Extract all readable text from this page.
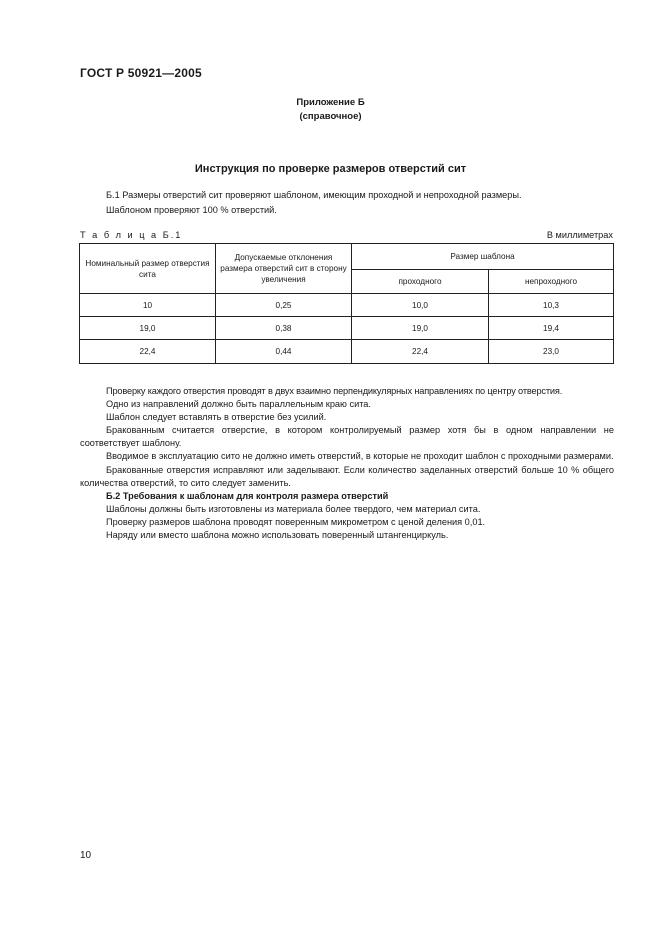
ГОСТ Р 50921—2005
Приложение Б
(справочное)
Инструкция по проверке размеров отверстий сит
Б.1 Размеры отверстий сит проверяют шаблоном, имеющим проходной и непроходной размеры.
Шаблоном проверяют 100 % отверстий.
Т а б л и ц а Б.1	В миллиметрах
Номинальный размер отверстия сита	Допускаемые отклонения размера отверстий сит в сторону увеличения	Размер шаблона	
		проходного	непроходного
10	0,25	10,0	10,3
19,0	0,38	19,0	19,4
22,4	0,44	22,4	23,0

Проверку каждого отверстия проводят в двух взаимно перпендикулярных направлениях по центру отверстия.

Одно из направлений должно быть параллельным краю сита.

Шаблон следует вставлять в отверстие без усилий.

Бракованным считается отверстие, в котором контролируемый размер хотя бы в одном направлении не соответствует шаблону.

Вводимое в эксплуатацию сито не должно иметь отверстий, в которые не проходит шаблон с проходными размерами.

Бракованные отверстия исправляют или заделывают. Если количество заделанных отверстий больше 10 % общего количества отверстий, то сито следует заменить.

Б.2 Требования к шаблонам для контроля размера отверстий

Шаблоны должны быть изготовлены из материала более твердого, чем материал сита.

Проверку размеров шаблона проводят поверенным микрометром с ценой деления 0,01.

Наряду или вместо шаблона можно использовать поверенный штангенциркуль.

10
